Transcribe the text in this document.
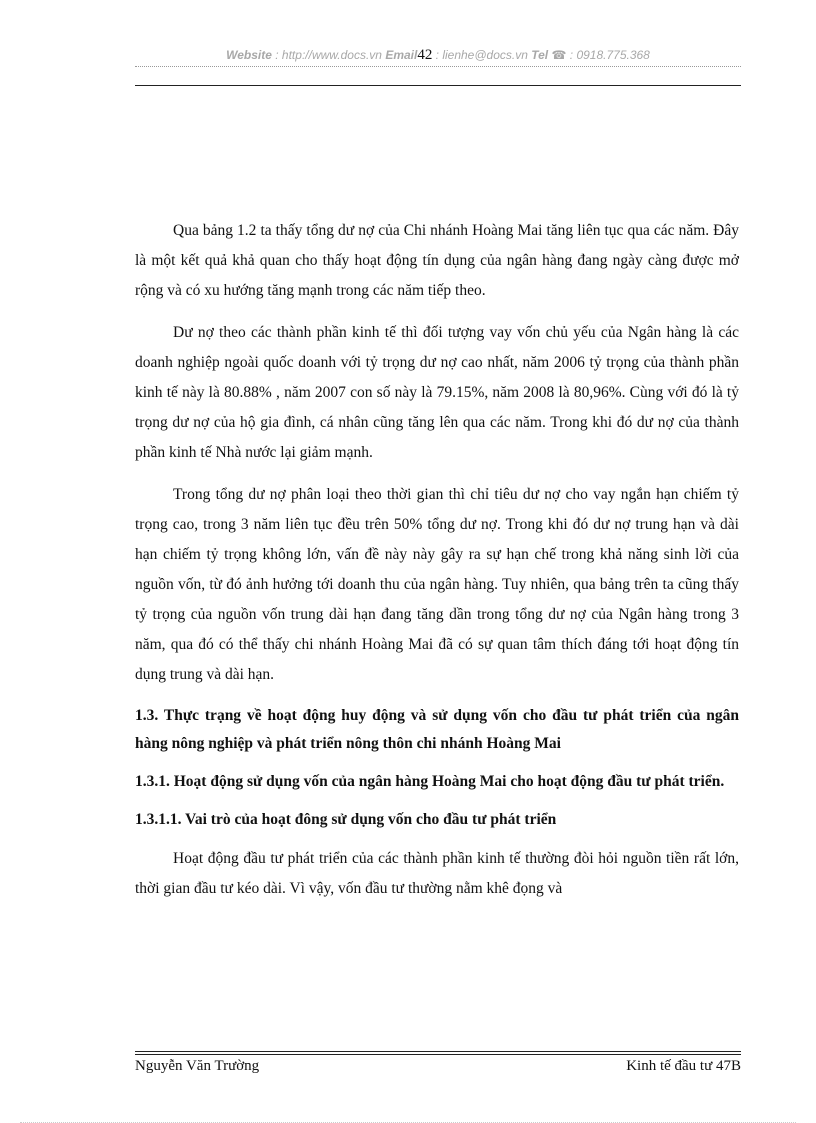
Website : http://www.docs.vn Email42 : lienhe@docs.vn Tel ☎ : 0918.775.368

Qua bảng 1.2 ta thấy tổng dư nợ của Chi nhánh Hoàng Mai tăng liên tục qua các năm. Đây là một kết quả khả quan cho thấy hoạt động tín dụng của ngân hàng đang ngày càng được mở rộng và có xu hướng tăng mạnh trong các năm tiếp theo.

Dư nợ theo các thành phần kinh tế thì đối tượng vay vốn chủ yếu của Ngân hàng là các doanh nghiệp ngoài quốc doanh với tỷ trọng dư nợ cao nhất, năm 2006 tỷ trọng của thành phần kinh tế này là 80.88% , năm 2007 con số này là 79.15%, năm 2008 là 80,96%. Cùng với đó là tỷ trọng dư nợ của hộ gia đình, cá nhân cũng tăng lên qua các năm. Trong khi đó dư nợ của thành phần kinh tế Nhà nước lại giảm mạnh.

Trong tổng dư nợ phân loại theo thời gian thì chỉ tiêu dư nợ cho vay ngắn hạn chiếm tỷ trọng cao, trong 3 năm liên tục đều trên 50% tổng dư nợ. Trong khi đó dư nợ trung hạn và dài hạn chiếm tỷ trọng không lớn, vấn đề này này gây ra sự hạn chế trong khả năng sinh lời của nguồn vốn, từ đó ảnh hưởng tới doanh thu của ngân hàng. Tuy nhiên, qua bảng trên ta cũng thấy tỷ trọng của nguồn vốn trung dài hạn đang tăng dần trong tổng dư nợ của Ngân hàng trong 3 năm, qua đó có thể thấy chi nhánh Hoàng Mai đã có sự quan tâm thích đáng tới hoạt động tín dụng trung và dài hạn.

1.3. Thực trạng về hoạt động huy động và sử dụng vốn cho đầu tư phát triển của ngân hàng nông nghiệp và phát triển nông thôn chi nhánh Hoàng Mai

1.3.1. Hoạt động sử dụng vốn của ngân hàng Hoàng Mai cho hoạt động đầu tư phát triển.

1.3.1.1. Vai trò của hoạt đông sử dụng vốn cho đầu tư phát triển

Hoạt động đầu tư phát triển của các thành phần kinh tế thường đòi hỏi nguồn tiền rất lớn, thời gian đầu tư kéo dài. Vì vậy, vốn đầu tư thường nằm khê đọng và

Nguyễn Văn Trường	Kinh tế đầu tư 47B
